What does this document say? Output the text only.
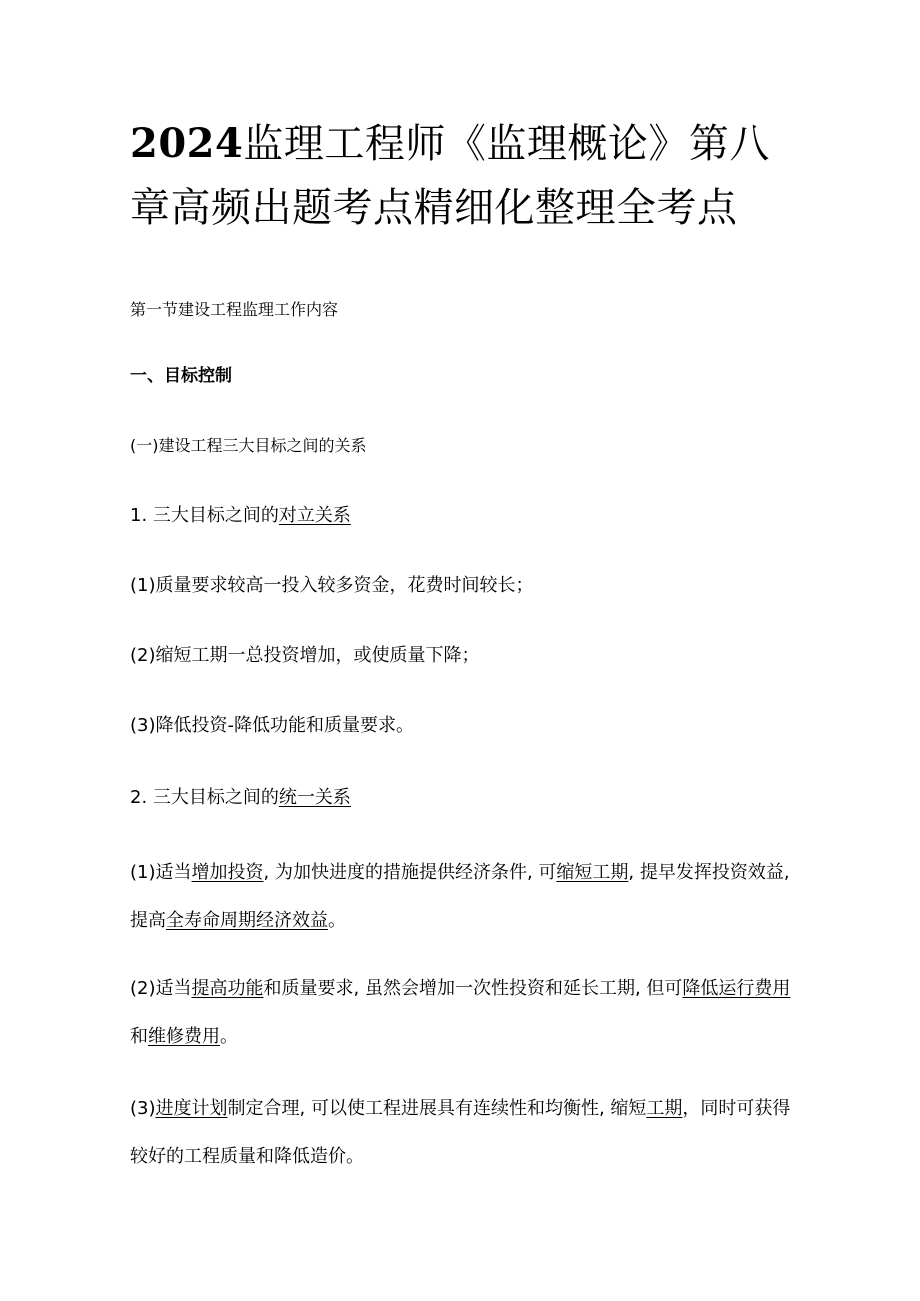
2024监理工程师《监理概论》第八章高频出题考点精细化整理全考点

第一节建设工程监理工作内容

一、目标控制

(一)建设工程三大目标之间的关系

1. 三大目标之间的对立关系

(1)质量要求较高一投入较多资金，花费时间较长；

(2)缩短工期一总投资增加，或使质量下降；

(3)降低投资-降低功能和质量要求。

2. 三大目标之间的统一关系

(1)适当增加投资, 为加快进度的措施提供经济条件, 可缩短工期, 提早发挥投资效益, 提高全寿命周期经济效益。

(2)适当提高功能和质量要求, 虽然会增加一次性投资和延长工期, 但可降低运行费用和维修费用。

(3)进度计划制定合理, 可以使工程进展具有连续性和均衡性, 缩短工期，同时可获得较好的工程质量和降低造价。
